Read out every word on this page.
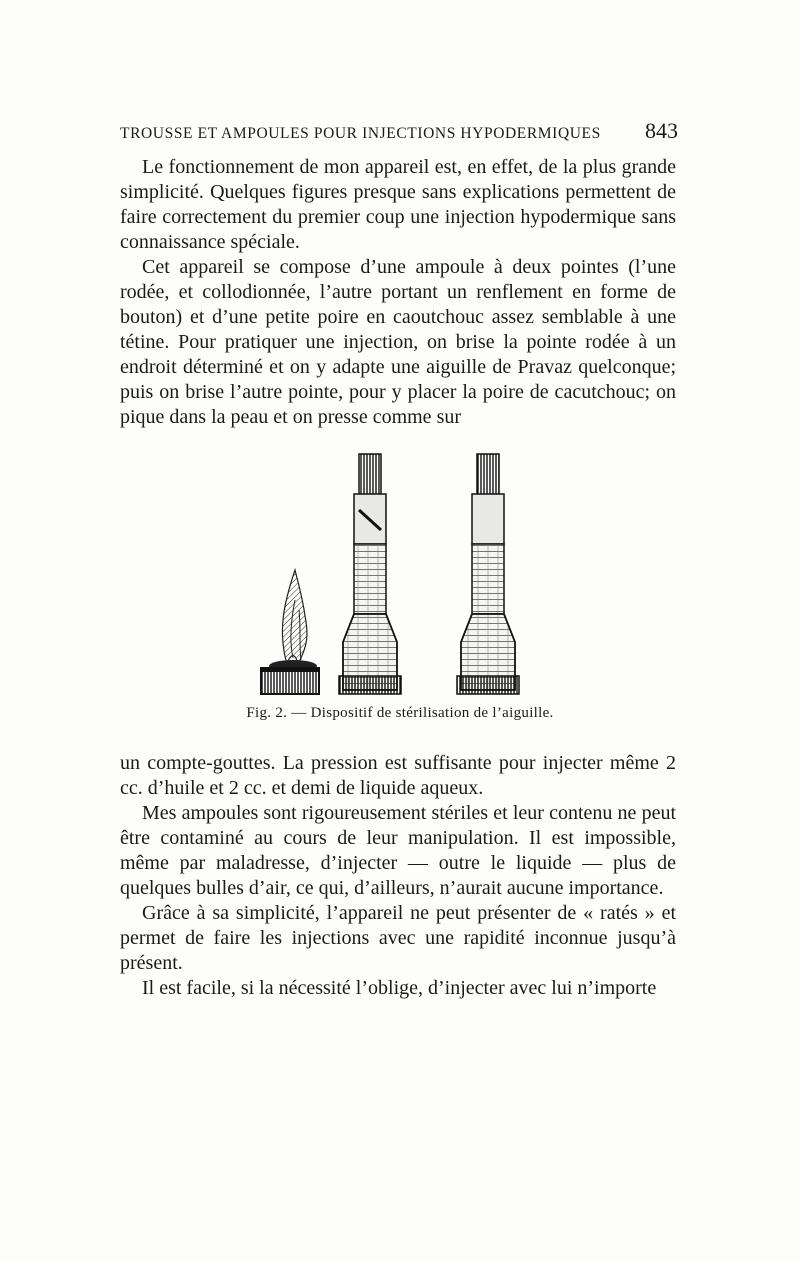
TROUSSE ET AMPOULES POUR INJECTIONS HYPODERMIQUES 843

Le fonctionnement de mon appareil est, en effet, de la plus grande simplicité. Quelques figures presque sans explications permettent de faire correctement du premier coup une injection hypodermique sans connaissance spéciale.

Cet appareil se compose d’une ampoule à deux pointes (l’une rodée, et collodionnée, l’autre portant un renflement en forme de bouton) et d’une petite poire en caoutchouc assez semblable à une tétine. Pour pratiquer une injection, on brise la pointe rodée à un endroit déterminé et on y adapte une aiguille de Pravaz quelconque; puis on brise l’autre pointe, pour y placer la poire de cacutchouc; on pique dans la peau et on presse comme sur

Fig. 2. — Dispositif de stérilisation de l’aiguille.

un compte-gouttes. La pression est suffisante pour injecter même 2 cc. d’huile et 2 cc. et demi de liquide aqueux.

Mes ampoules sont rigoureusement stériles et leur contenu ne peut être contaminé au cours de leur manipulation. Il est impossible, même par maladresse, d’injecter — outre le liquide — plus de quelques bulles d’air, ce qui, d’ailleurs, n’aurait aucune importance.

Grâce à sa simplicité, l’appareil ne peut présenter de « ratés » et permet de faire les injections avec une rapidité inconnue jusqu’à présent.

Il est facile, si la nécessité l’oblige, d’injecter avec lui n’importe
